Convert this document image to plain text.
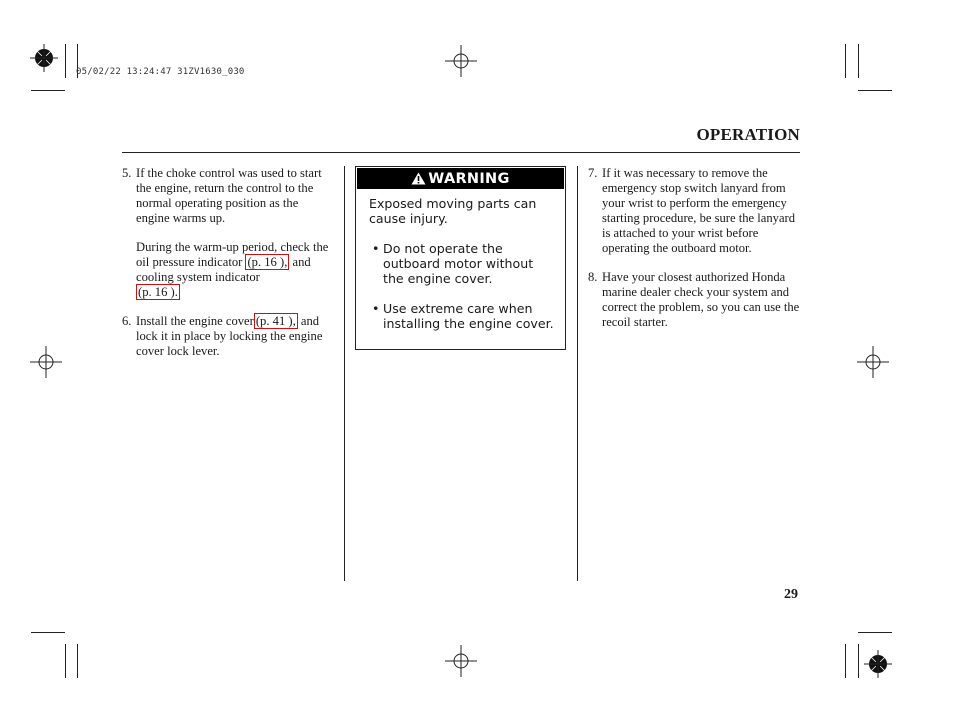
05/02/22 13:24:47 31ZV1630_030
OPERATION
5. If the choke control was used to start the engine, return the control to the normal operating position as the engine warms up.
During the warm-up period, check the oil pressure indicator (p. 16 ), and cooling system indicator
(p. 16 ).
6. Install the engine cover (p. 41 ), and lock it in place by locking the engine cover lock lever.
WARNING

Exposed moving parts can cause injury.

• Do not operate the outboard motor without the engine cover.
• Use extreme care when installing the engine cover.
7. If it was necessary to remove the emergency stop switch lanyard from your wrist to perform the emergency starting procedure, be sure the lanyard is attached to your wrist before operating the outboard motor.
8. Have your closest authorized Honda marine dealer check your system and correct the problem, so you can use the recoil starter.
29
